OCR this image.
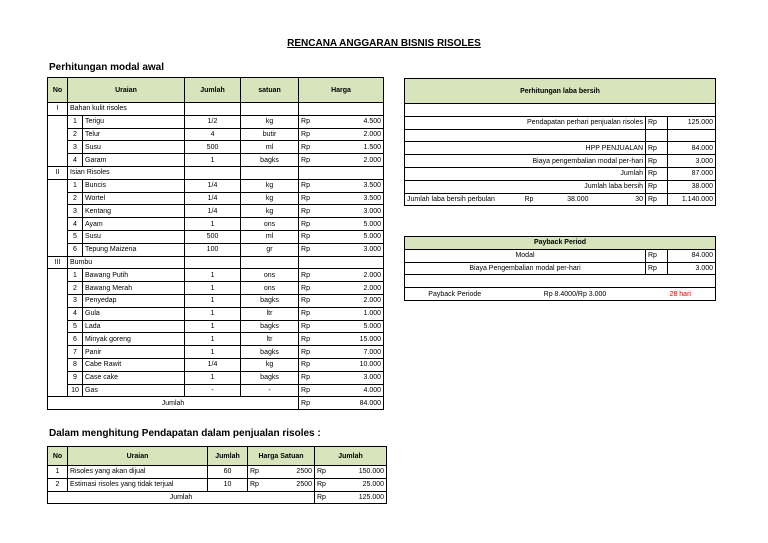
RENCANA ANGGARAN BISNIS RISOLES
Perhitungan modal awal
No	Uraian		Jumlah	satuan	Harga	
I	Bahan kulit risoles					
	1	Terigu	1/2	kg	Rp	4.500
	2	Telur	4	butir	Rp	2.000
	3	Susu	500	ml	Rp	1.500
	4	Garam	1	bagks	Rp	2.000
II	Isian Risoles					
	1	Buncis	1/4	kg	Rp	3.500
	2	Wortel	1/4	kg	Rp	3.500
	3	Kentang	1/4	kg	Rp	3.000
	4	Ayam	1	ons	Rp	5.000
	5	Susu	500	ml	Rp	5.000
	6	Tepung Maizena	100	gr	Rp	3.000
III	Bumbu					
	1	Bawang Putih	1	ons	Rp	2.000
	2	Bawang Merah	1	ons	Rp	2.000
	3	Penyedap	1	bagks	Rp	2.000
	4	Gula	1	ltr	Rp	1.000
	5	Lada	1	bagks	Rp	5.000
	6	Minyak goreng	1	ltr	Rp	15.000
	7	Panir	1	bagks	Rp	7.000
	8	Cabe Rawit	1/4	kg	Rp	10.000
	9	Case cake	1	bagks	Rp	3.000
	10	Gas	-	-	Rp	4.000
Jumlah					Rp	84.000
Perhitungan laba bersih					

Pendapatan perhari penjualan risoles				Rp	125.000

HPP PENJUALAN				Rp	84.000
Biaya pengembalian modal per-hari				Rp	3.000
Jumlah				Rp	87.000
Jumlah laba bersih				Rp	38.000
Jumlah laba bersih perbulan	Rp	38.000	30	Rp	1.140.000
Payback Period			
Modal		Rp	84.000
Biaya Pengembalian modal per-hari		Rp	3.000

Payback Periode	Rp 8.4000/Rp 3.000	28 hari	
Dalam menghitung Pendapatan dalam penjualan risoles :
No	Uraian	Jumlah	Harga Satuan		Jumlah	
1	Risoles yang akan dijual	60	Rp	2500	Rp	150.000
2	Estimasi risoles yang tidak terjual	10	Rp	2500	Rp	25.000
Jumlah					Rp	125.000
